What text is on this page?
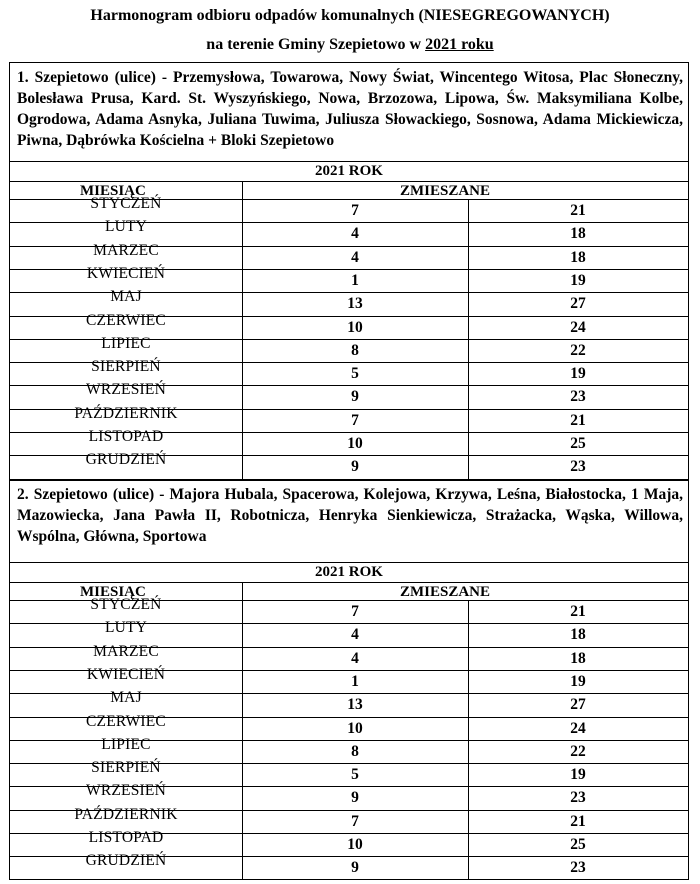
Harmonogram odbioru odpadów komunalnych (NIESEGREGOWANYCH)
na terenie Gminy Szepietowo w 2021 roku
1. Szepietowo (ulice) - Przemysłowa, Towarowa, Nowy Świat, Wincentego Witosa, Plac Słoneczny, Bolesława Prusa, Kard. St. Wyszyńskiego, Nowa, Brzozowa, Lipowa, Św. Maksymiliana Kolbe, Ogrodowa, Adama Asnyka, Juliana Tuwima, Juliusza Słowackiego, Sosnowa, Adama Mickiewicza, Piwna, Dąbrówka Kościelna + Bloki Szepietowo
2021 ROK
MIESIĄC	ZMIESZANE
STYCZEŃ	7	21
LUTY	4	18
MARZEC	4	18
KWIECIEŃ	1	19
MAJ	13	27
CZERWIEC	10	24
LIPIEC	8	22
SIERPIEŃ	5	19
WRZESIEŃ	9	23
PAŹDZIERNIK	7	21
LISTOPAD	10	25
GRUDZIEŃ	9	23
2. Szepietowo (ulice) - Majora Hubala, Spacerowa, Kolejowa, Krzywa, Leśna, Białostocka, 1 Maja, Mazowiecka, Jana Pawła II, Robotnicza, Henryka Sienkiewicza, Strażacka, Wąska, Willowa, Wspólna, Główna, Sportowa
2021 ROK
MIESIĄC	ZMIESZANE
STYCZEŃ	7	21
LUTY	4	18
MARZEC	4	18
KWIECIEŃ	1	19
MAJ	13	27
CZERWIEC	10	24
LIPIEC	8	22
SIERPIEŃ	5	19
WRZESIEŃ	9	23
PAŹDZIERNIK	7	21
LISTOPAD	10	25
GRUDZIEŃ	9	23
